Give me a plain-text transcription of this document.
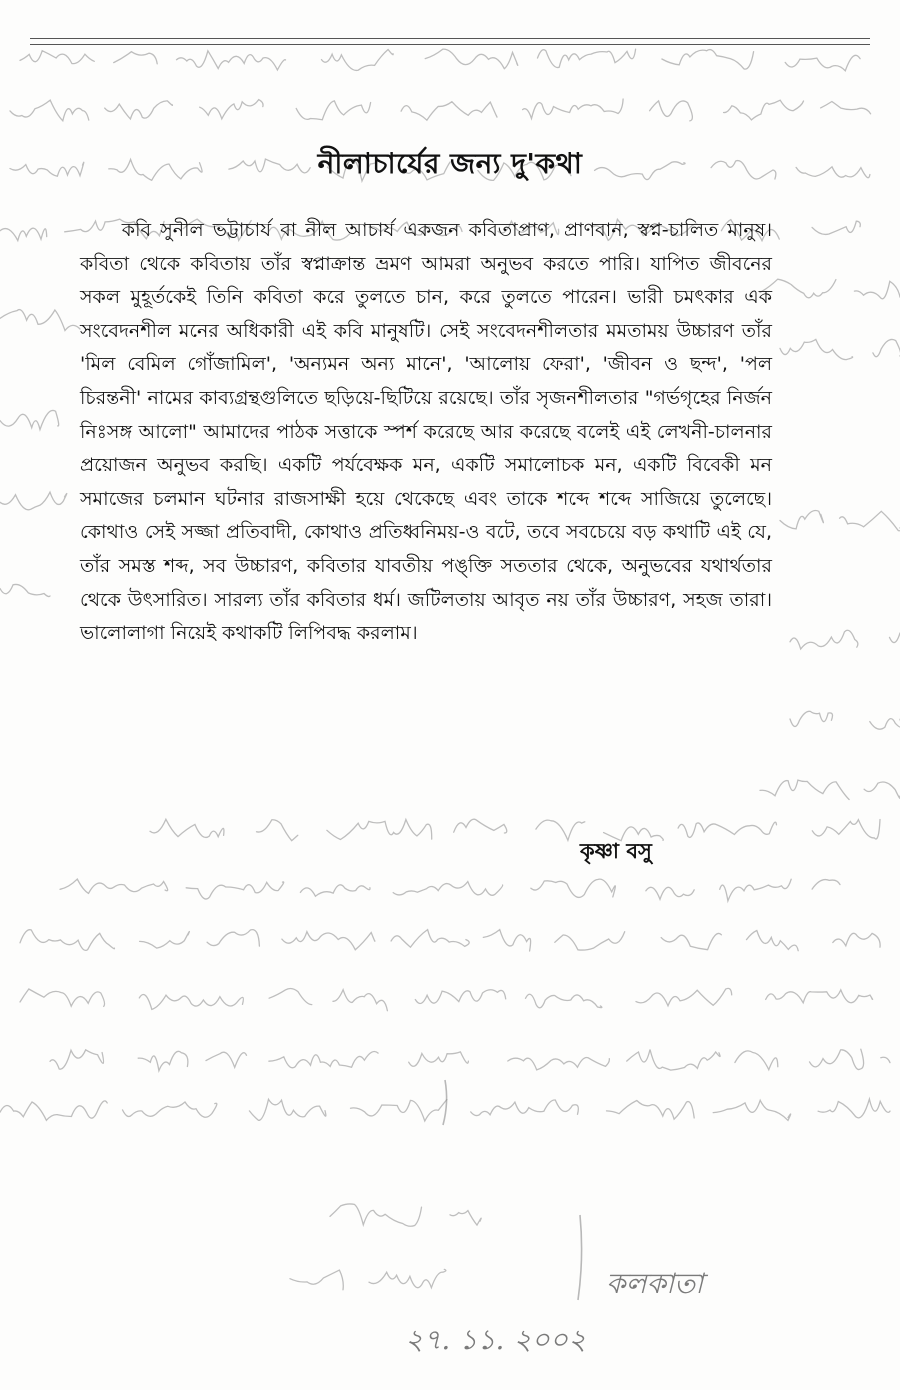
নীলাচার্যের জন্য দু'কথা

কবি সুনীল ভট্টাচার্য বা নীল আচার্য একজন কবিতাপ্রাণ, প্রাণবান, স্বপ্ন-চালিত মানুষ। কবিতা থেকে কবিতায় তাঁর স্বপ্নাক্রান্ত ভ্রমণ আমরা অনুভব করতে পারি। যাপিত জীবনের সকল মুহূর্তকেই তিনি কবিতা করে তুলতে চান, করে তুলতে পারেন। ভারী চমৎকার এক সংবেদনশীল মনের অধিকারী এই কবি মানুষটি। সেই সংবেদনশীলতার মমতাময় উচ্চারণ তাঁর 'মিল বেমিল গোঁজামিল', 'অন্যমন অন্য মানে', 'আলোয় ফেরা', 'জীবন ও ছন্দ', 'পল চিরন্তনী' নামের কাব্যগ্রন্থগুলিতে ছড়িয়ে-ছিটিয়ে রয়েছে। তাঁর সৃজনশীলতার "গর্ভগৃহের নির্জন নিঃসঙ্গ আলো" আমাদের পাঠক সত্তাকে স্পর্শ করেছে আর করেছে বলেই এই লেখনী-চালনার প্রয়োজন অনুভব করছি। একটি পর্যবেক্ষক মন, একটি সমালোচক মন, একটি বিবেকী মন সমাজের চলমান ঘটনার রাজসাক্ষী হয়ে থেকেছে এবং তাকে শব্দে শব্দে সাজিয়ে তুলেছে। কোথাও সেই সজ্জা প্রতিবাদী, কোথাও প্রতিধ্বনিময়-ও বটে, তবে সবচেয়ে বড় কথাটি এই যে, তাঁর সমস্ত শব্দ, সব উচ্চারণ, কবিতার যাবতীয় পঙ্‌ক্তি সততার থেকে, অনুভবের যথার্থতার থেকে উৎসারিত। সারল্য তাঁর কবিতার ধর্ম। জটিলতায় আবৃত নয় তাঁর উচ্চারণ, সহজ তারা। ভালোলাগা নিয়েই কথাকটি লিপিবদ্ধ করলাম।

কৃষ্ণা বসু
কলকাতা
২৭. ১১. ২০০২
